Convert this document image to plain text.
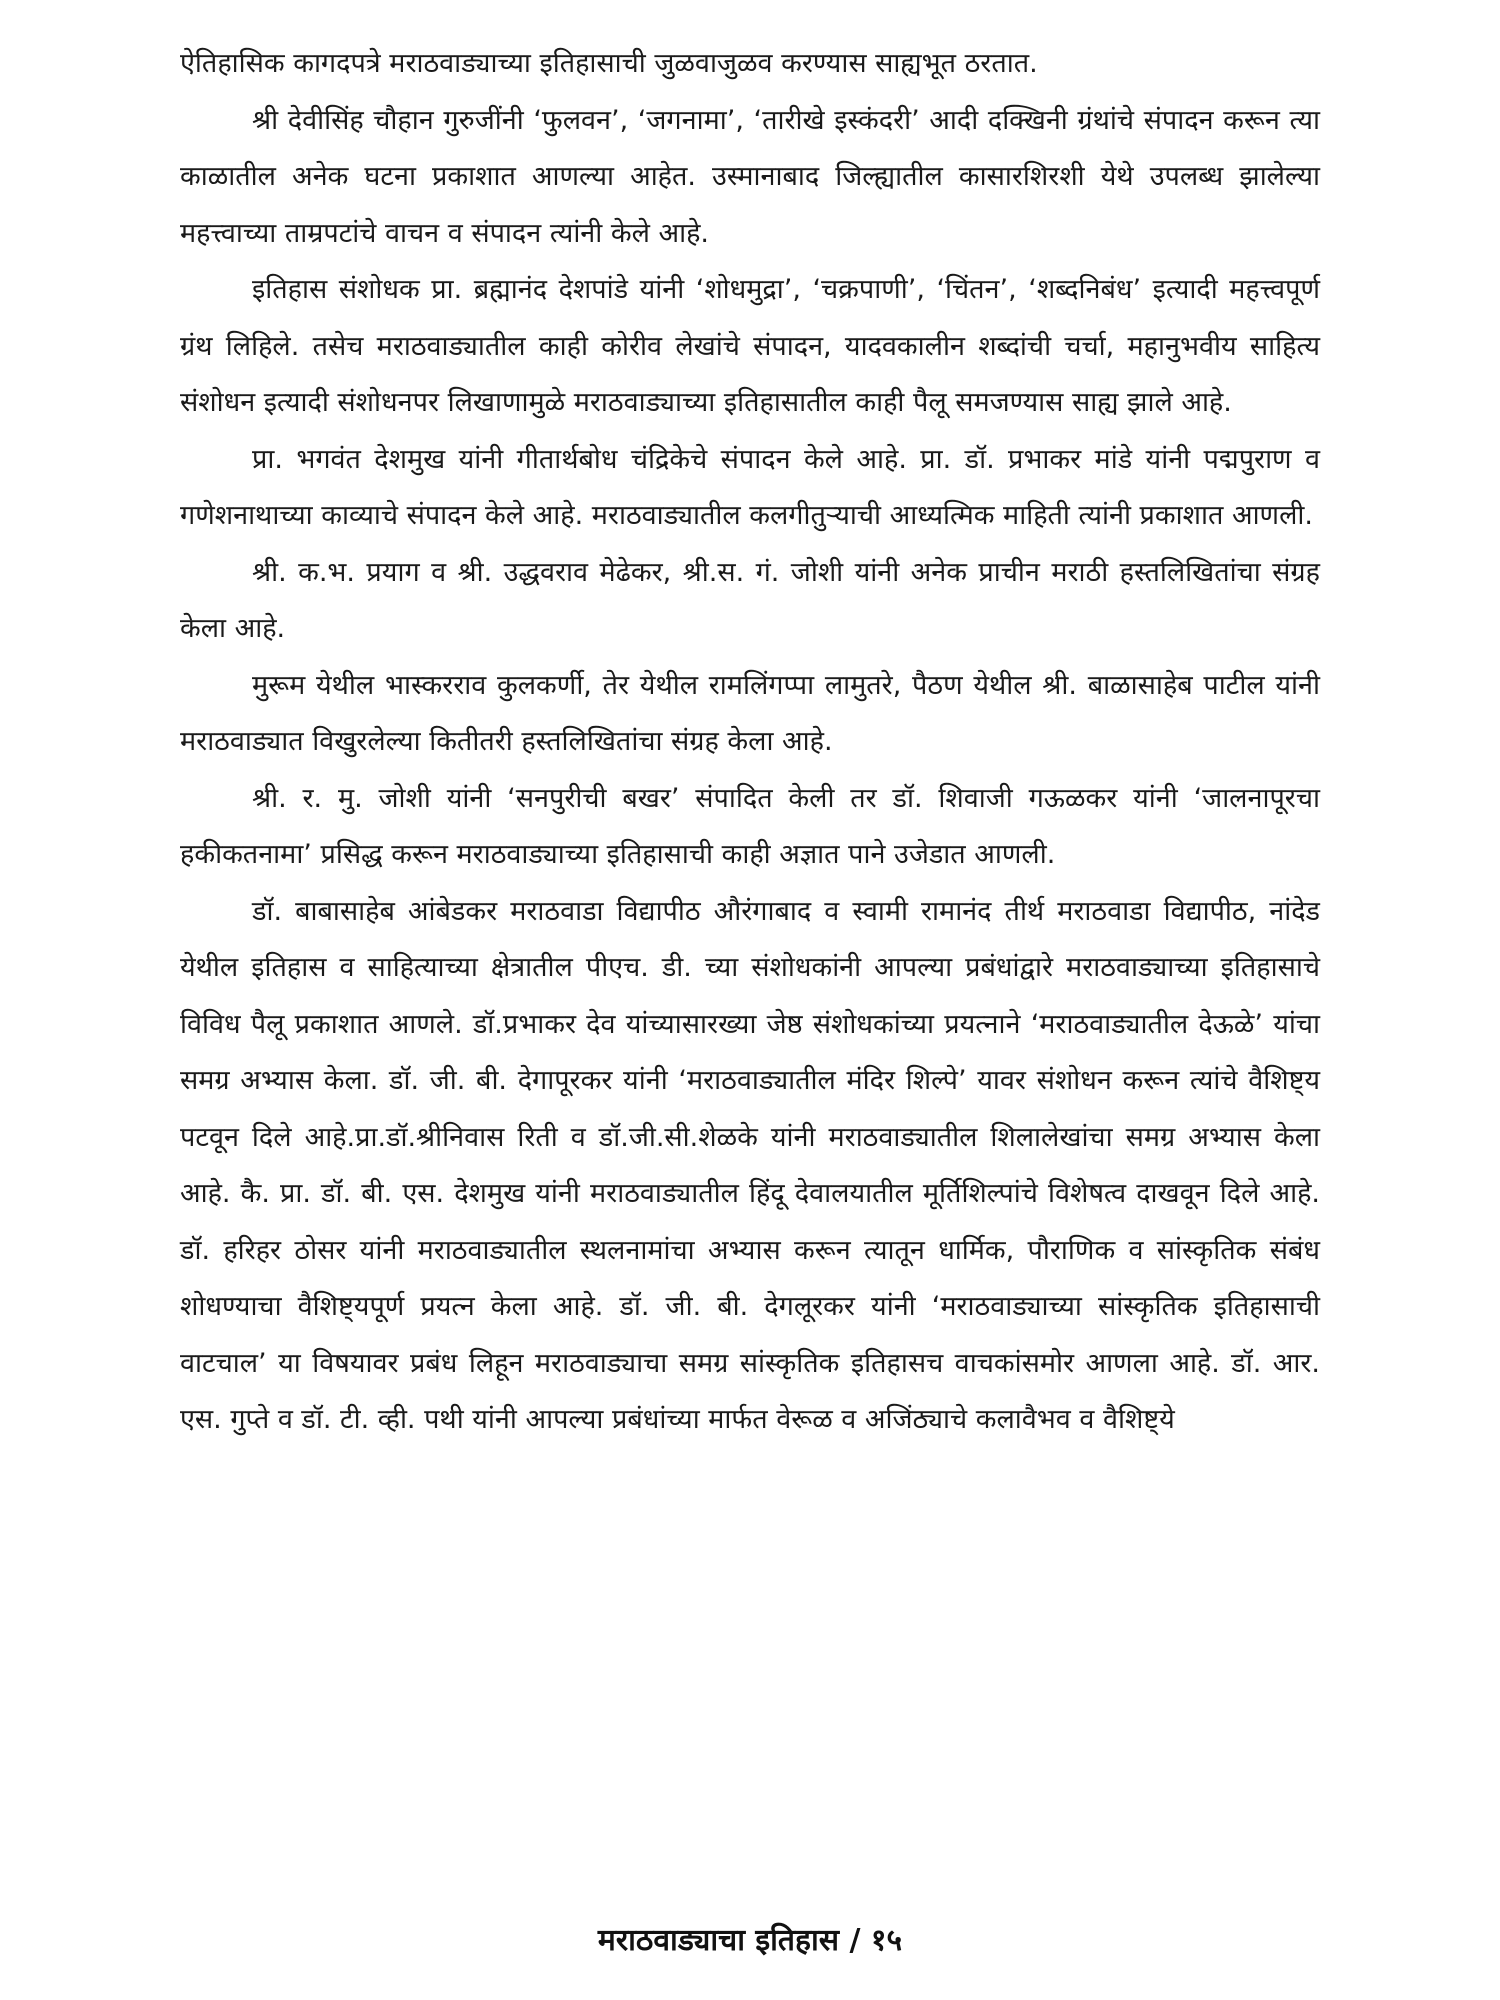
ऐतिहासिक कागदपत्रे मराठवाड्याच्या इतिहासाची जुळवाजुळव करण्यास साह्यभूत ठरतात.

श्री देवीसिंह चौहान गुरुजींनी ‘फुलवन’, ‘जगनामा’, ‘तारीखे इस्कंदरी’ आदी दक्खिनी ग्रंथांचे संपादन करून त्या काळातील अनेक घटना प्रकाशात आणल्या आहेत. उस्मानाबाद जिल्ह्यातील कासारशिरशी येथे उपलब्ध झालेल्या महत्त्वाच्या ताम्रपटांचे वाचन व संपादन त्यांनी केले आहे.

इतिहास संशोधक प्रा. ब्रह्मानंद देशपांडे यांनी ‘शोधमुद्रा’, ‘चक्रपाणी’, ‘चिंतन’, ‘शब्दनिबंध’ इत्यादी महत्त्वपूर्ण ग्रंथ लिहिले. तसेच मराठवाड्यातील काही कोरीव लेखांचे संपादन, यादवकालीन शब्दांची चर्चा, महानुभवीय साहित्य संशोधन इत्यादी संशोधनपर लिखाणामुळे मराठवाड्याच्या इतिहासातील काही पैलू समजण्यास साह्य झाले आहे.

प्रा. भगवंत देशमुख यांनी गीतार्थबोध चंद्रिकेचे संपादन केले आहे. प्रा. डॉ. प्रभाकर मांडे यांनी पद्मपुराण व गणेशनाथाच्या काव्याचे संपादन केले आहे. मराठवाड्यातील कलगीतुऱ्याची आध्यत्मिक माहिती त्यांनी प्रकाशात आणली.

श्री. क.भ. प्रयाग व श्री. उद्धवराव मेढेकर, श्री.स. गं. जोशी यांनी अनेक प्राचीन मराठी हस्तलिखितांचा संग्रह केला आहे.

मुरूम येथील भास्करराव कुलकर्णी, तेर येथील रामलिंगप्पा लामुतरे, पैठण येथील श्री. बाळासाहेब पाटील यांनी मराठवाड्यात विखुरलेल्या कितीतरी हस्तलिखितांचा संग्रह केला आहे.

श्री. र. मु. जोशी यांनी ‘सनपुरीची बखर’ संपादित केली तर डॉ. शिवाजी गऊळकर यांनी ‘जालनापूरचा हकीकतनामा’ प्रसिद्ध करून मराठवाड्याच्या इतिहासाची काही अज्ञात पाने उजेडात आणली.

डॉ. बाबासाहेब आंबेडकर मराठवाडा विद्यापीठ औरंगाबाद व स्वामी रामानंद तीर्थ मराठवाडा विद्यापीठ, नांदेड येथील इतिहास व साहित्याच्या क्षेत्रातील पीएच. डी. च्या संशोधकांनी आपल्या प्रबंधांद्वारे मराठवाड्याच्या इतिहासाचे विविध पैलू प्रकाशात आणले. डॉ.प्रभाकर देव यांच्यासारख्या जेष्ठ संशोधकांच्या प्रयत्नाने ‘मराठवाड्यातील देऊळे’ यांचा समग्र अभ्यास केला. डॉ. जी. बी. देगापूरकर यांनी ‘मराठवाड्यातील मंदिर शिल्पे’ यावर संशोधन करून त्यांचे वैशिष्ट्य पटवून दिले आहे.प्रा.डॉ.श्रीनिवास रिती व डॉ.जी.सी.शेळके यांनी मराठवाड्यातील शिलालेखांचा समग्र अभ्यास केला आहे. कै. प्रा. डॉ. बी. एस. देशमुख यांनी मराठवाड्यातील हिंदू देवालयातील मूर्तिशिल्पांचे विशेषत्व दाखवून दिले आहे. डॉ. हरिहर ठोसर यांनी मराठवाड्यातील स्थलनामांचा अभ्यास करून त्यातून धार्मिक, पौराणिक व सांस्कृतिक संबंध शोधण्याचा वैशिष्ट्यपूर्ण प्रयत्न केला आहे. डॉ. जी. बी. देगलूरकर यांनी ‘मराठवाड्याच्या सांस्कृतिक इतिहासाची वाटचाल’ या विषयावर प्रबंध लिहून मराठवाड्याचा समग्र सांस्कृतिक इतिहासच वाचकांसमोर आणला आहे. डॉ. आर. एस. गुप्ते व डॉ. टी. व्ही. पथी यांनी आपल्या प्रबंधांच्या मार्फत वेरूळ व अजिंठ्याचे कलावैभव व वैशिष्ट्ये

मराठवाड्याचा इतिहास / १५
